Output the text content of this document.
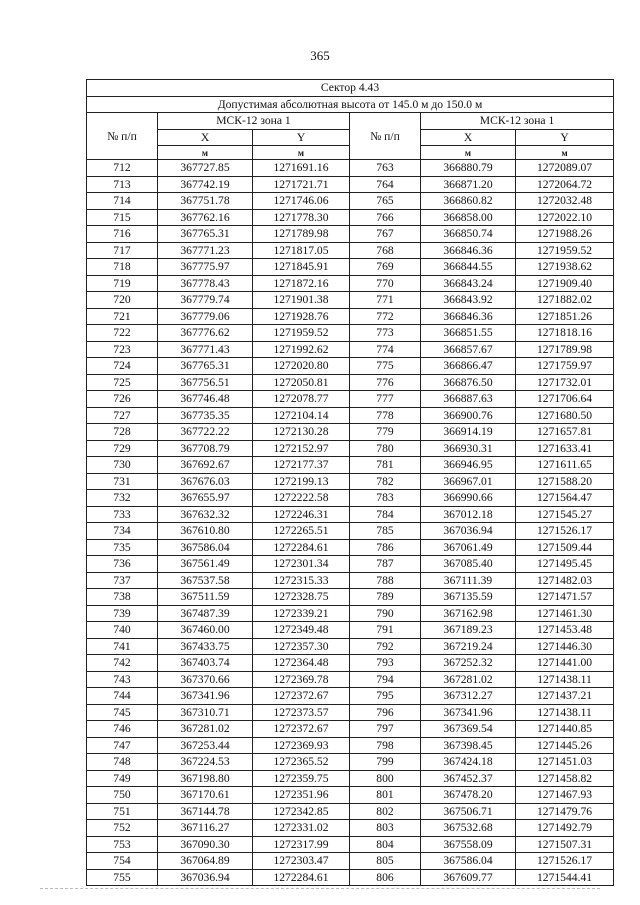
365
Сектор 4.43					
Допустимая абсолютная высота от 145.0 м до 150.0 м					
№ п/п	МСК-12 зона 1		№ п/п	МСК-12 зона 1	
	X	Y		X	Y
	м	м		м	м
712	367727.85	1271691.16	763	366880.79	1272089.07
713	367742.19	1271721.71	764	366871.20	1272064.72
714	367751.78	1271746.06	765	366860.82	1272032.48
715	367762.16	1271778.30	766	366858.00	1272022.10
716	367765.31	1271789.98	767	366850.74	1271988.26
717	367771.23	1271817.05	768	366846.36	1271959.52
718	367775.97	1271845.91	769	366844.55	1271938.62
719	367778.43	1271872.16	770	366843.24	1271909.40
720	367779.74	1271901.38	771	366843.92	1271882.02
721	367779.06	1271928.76	772	366846.36	1271851.26
722	367776.62	1271959.52	773	366851.55	1271818.16
723	367771.43	1271992.62	774	366857.67	1271789.98
724	367765.31	1272020.80	775	366866.47	1271759.97
725	367756.51	1272050.81	776	366876.50	1271732.01
726	367746.48	1272078.77	777	366887.63	1271706.64
727	367735.35	1272104.14	778	366900.76	1271680.50
728	367722.22	1272130.28	779	366914.19	1271657.81
729	367708.79	1272152.97	780	366930.31	1271633.41
730	367692.67	1272177.37	781	366946.95	1271611.65
731	367676.03	1272199.13	782	366967.01	1271588.20
732	367655.97	1272222.58	783	366990.66	1271564.47
733	367632.32	1272246.31	784	367012.18	1271545.27
734	367610.80	1272265.51	785	367036.94	1271526.17
735	367586.04	1272284.61	786	367061.49	1271509.44
736	367561.49	1272301.34	787	367085.40	1271495.45
737	367537.58	1272315.33	788	367111.39	1271482.03
738	367511.59	1272328.75	789	367135.59	1271471.57
739	367487.39	1272339.21	790	367162.98	1271461.30
740	367460.00	1272349.48	791	367189.23	1271453.48
741	367433.75	1272357.30	792	367219.24	1271446.30
742	367403.74	1272364.48	793	367252.32	1271441.00
743	367370.66	1272369.78	794	367281.02	1271438.11
744	367341.96	1272372.67	795	367312.27	1271437.21
745	367310.71	1272373.57	796	367341.96	1271438.11
746	367281.02	1272372.67	797	367369.54	1271440.85
747	367253.44	1272369.93	798	367398.45	1271445.26
748	367224.53	1272365.52	799	367424.18	1271451.03
749	367198.80	1272359.75	800	367452.37	1271458.82
750	367170.61	1272351.96	801	367478.20	1271467.93
751	367144.78	1272342.85	802	367506.71	1271479.76
752	367116.27	1272331.02	803	367532.68	1271492.79
753	367090.30	1272317.99	804	367558.09	1271507.31
754	367064.89	1272303.47	805	367586.04	1271526.17
755	367036.94	1272284.61	806	367609.77	1271544.41
